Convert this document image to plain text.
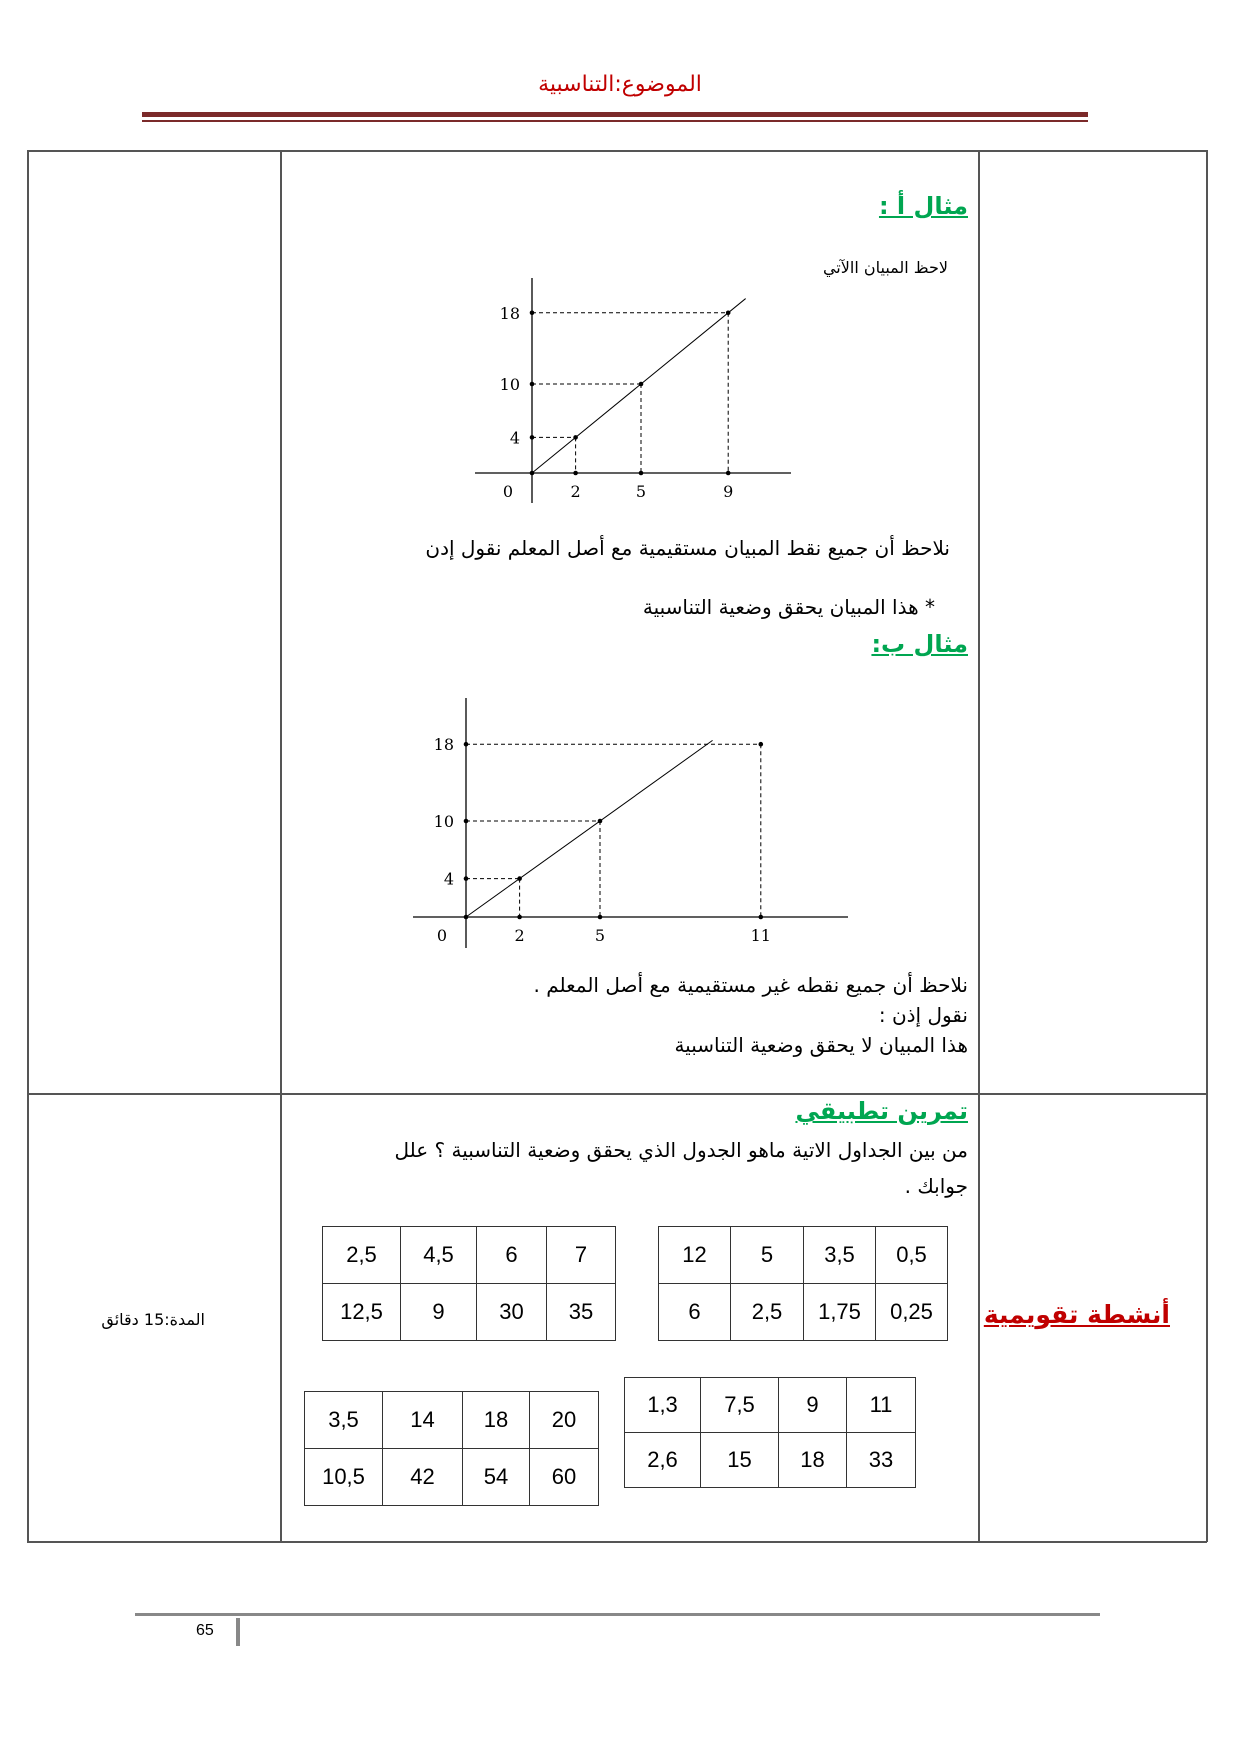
الموضوع:التناسبية
مثال أ :
لاحظ المبيان االآتي
0	2	5	9
4
10
18
نلاحظ أن جميع نقط المبيان مستقيمية مع أصل المعلم نقول إدن
* هذا المبيان يحقق وضعية التناسبية
مثال ب:
0	2	5	11
4
10
18
نلاحظ أن جميع نقطه غير مستقيمية مع أصل المعلم .
نقول إذن :
هذا المبيان لا يحقق وضعية التناسبية
تمرين تطبيقي
من بين الجداول الاتية ماهو الجدول الذي يحقق وضعية التناسبية ؟ علل
جوابك .
2,5	4,5	6	7
12,5	9	30	35
12	5	3,5	0,5
6	2,5	1,75	0,25
3,5	14	18	20
10,5	42	54	60
1,3	7,5	9	11
2,6	15	18	33
أنشطة تقويمية
المدة:15 دقائق
65
